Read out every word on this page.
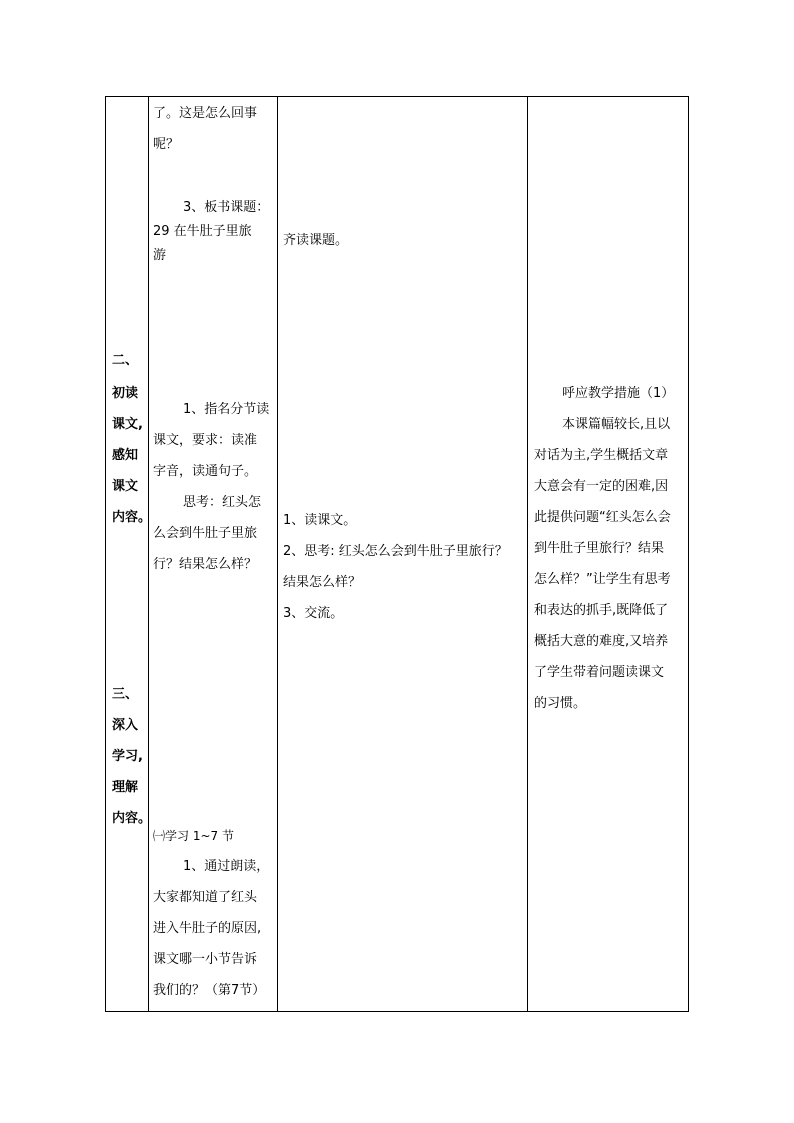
二、
初读
课文,
感知
课文
内容。
三、
深入
学习,
理解
内容。
了。这是怎么回事
呢？
3、板书课题：
29 在牛肚子里旅
游
1、指名分节读
课文，要求：读准
字音，读通句子。
思考：红头怎
么会到牛肚子里旅
行？结果怎么样？
㈠学习 1~7 节
1、通过朗读，
大家都知道了红头
进入牛肚子的原因,
课文哪一小节告诉
我们的？（第7节）
齐读课题。
1、读课文。
2、思考: 红头怎么会到牛肚子里旅行？
结果怎么样？
3、交流。
呼应教学措施（1）
本课篇幅较长,且以
对话为主,学生概括文章
大意会有一定的困难,因
此提供问题“红头怎么会
到牛肚子里旅行？结果
怎么样？”让学生有思考
和表达的抓手,既降低了
概括大意的难度,又培养
了学生带着问题读课文
的习惯。
